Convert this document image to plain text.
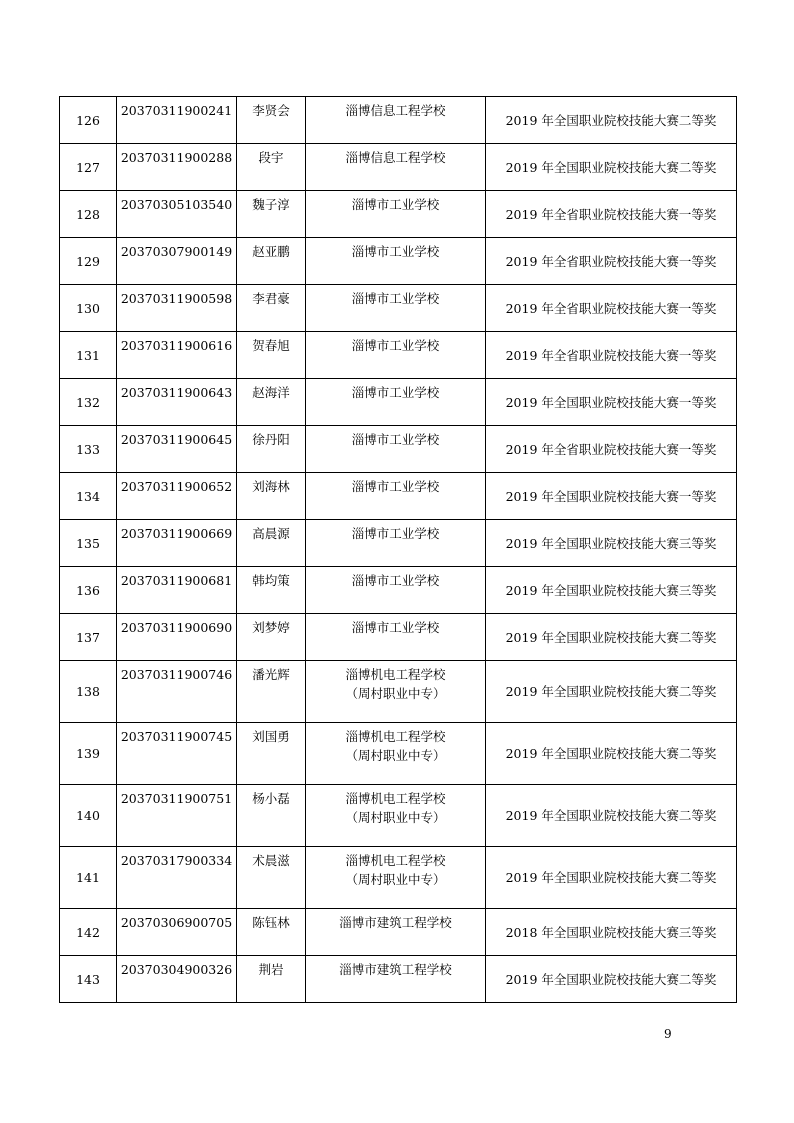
126	20370311900241	李贤会	淄博信息工程学校	2019 年全国职业院校技能大赛二等奖
127	20370311900288	段宇	淄博信息工程学校	2019 年全国职业院校技能大赛二等奖
128	20370305103540	魏子淳	淄博市工业学校	2019 年全省职业院校技能大赛一等奖
129	20370307900149	赵亚鹏	淄博市工业学校	2019 年全省职业院校技能大赛一等奖
130	20370311900598	李君豪	淄博市工业学校	2019 年全省职业院校技能大赛一等奖
131	20370311900616	贺春旭	淄博市工业学校	2019 年全省职业院校技能大赛一等奖
132	20370311900643	赵海洋	淄博市工业学校	2019 年全国职业院校技能大赛一等奖
133	20370311900645	徐丹阳	淄博市工业学校	2019 年全省职业院校技能大赛一等奖
134	20370311900652	刘海林	淄博市工业学校	2019 年全国职业院校技能大赛一等奖
135	20370311900669	高晨源	淄博市工业学校	2019 年全国职业院校技能大赛三等奖
136	20370311900681	韩均策	淄博市工业学校	2019 年全国职业院校技能大赛三等奖
137	20370311900690	刘梦婷	淄博市工业学校	2019 年全国职业院校技能大赛二等奖
138	20370311900746	潘光辉	淄博机电工程学校
（周村职业中专）	2019 年全国职业院校技能大赛二等奖
139	20370311900745	刘国勇	淄博机电工程学校
（周村职业中专）	2019 年全国职业院校技能大赛二等奖
140	20370311900751	杨小磊	淄博机电工程学校
（周村职业中专）	2019 年全国职业院校技能大赛二等奖
141	20370317900334	术晨滋	淄博机电工程学校
（周村职业中专）	2019 年全国职业院校技能大赛二等奖
142	20370306900705	陈钰林	淄博市建筑工程学校	2018 年全国职业院校技能大赛三等奖
143	20370304900326	荆岩	淄博市建筑工程学校	2019 年全国职业院校技能大赛二等奖
9
